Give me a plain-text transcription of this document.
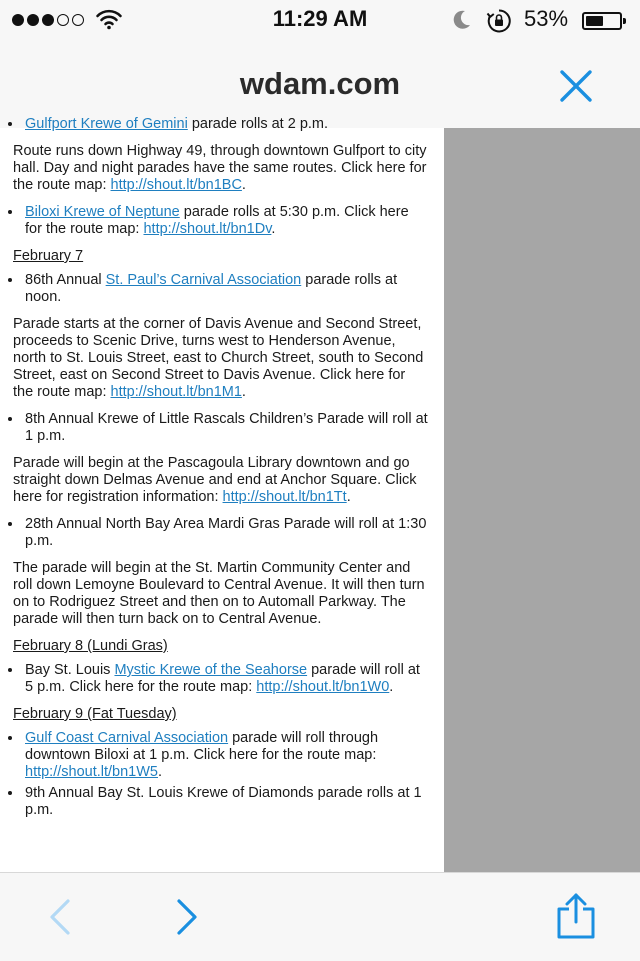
11:29 AM	53%
wdam.com
• Gulfport Krewe of Gemini parade rolls at 2 p.m.

Route runs down Highway 49, through downtown Gulfport to city hall. Day and night parades have the same routes. Click here for the route map: http://shout.lt/bn1BC.

• Biloxi Krewe of Neptune parade rolls at 5:30 p.m. Click here for the route map: http://shout.lt/bn1Dv.
February 7
• 86th Annual St. Paul’s Carnival Association parade rolls at noon.

Parade starts at the corner of Davis Avenue and Second Street, proceeds to Scenic Drive, turns west to Henderson Avenue, north to St. Louis Street, east to Church Street, south to Second Street, east on Second Street to Davis Avenue. Click here for the route map: http://shout.lt/bn1M1.

• 8th Annual Krewe of Little Rascals Children’s Parade will roll at 1 p.m.

Parade will begin at the Pascagoula Library downtown and go straight down Delmas Avenue and end at Anchor Square. Click here for registration information: http://shout.lt/bn1Tt.

• 28th Annual North Bay Area Mardi Gras Parade will roll at 1:30 p.m.

The parade will begin at the St. Martin Community Center and roll down Lemoyne Boulevard to Central Avenue. It will then turn on to Rodriguez Street and then on to Automall Parkway. The parade will then turn back on to Central Avenue.

February 8 (Lundi Gras)
• Bay St. Louis Mystic Krewe of the Seahorse parade will roll at 5 p.m. Click here for the route map: http://shout.lt/bn1W0.
February 9 (Fat Tuesday)
• Gulf Coast Carnival Association parade will roll through downtown Biloxi at 1 p.m. Click here for the route map: http://shout.lt/bn1W5.
• 9th Annual Bay St. Louis Krewe of Diamonds parade rolls at 1 p.m.
